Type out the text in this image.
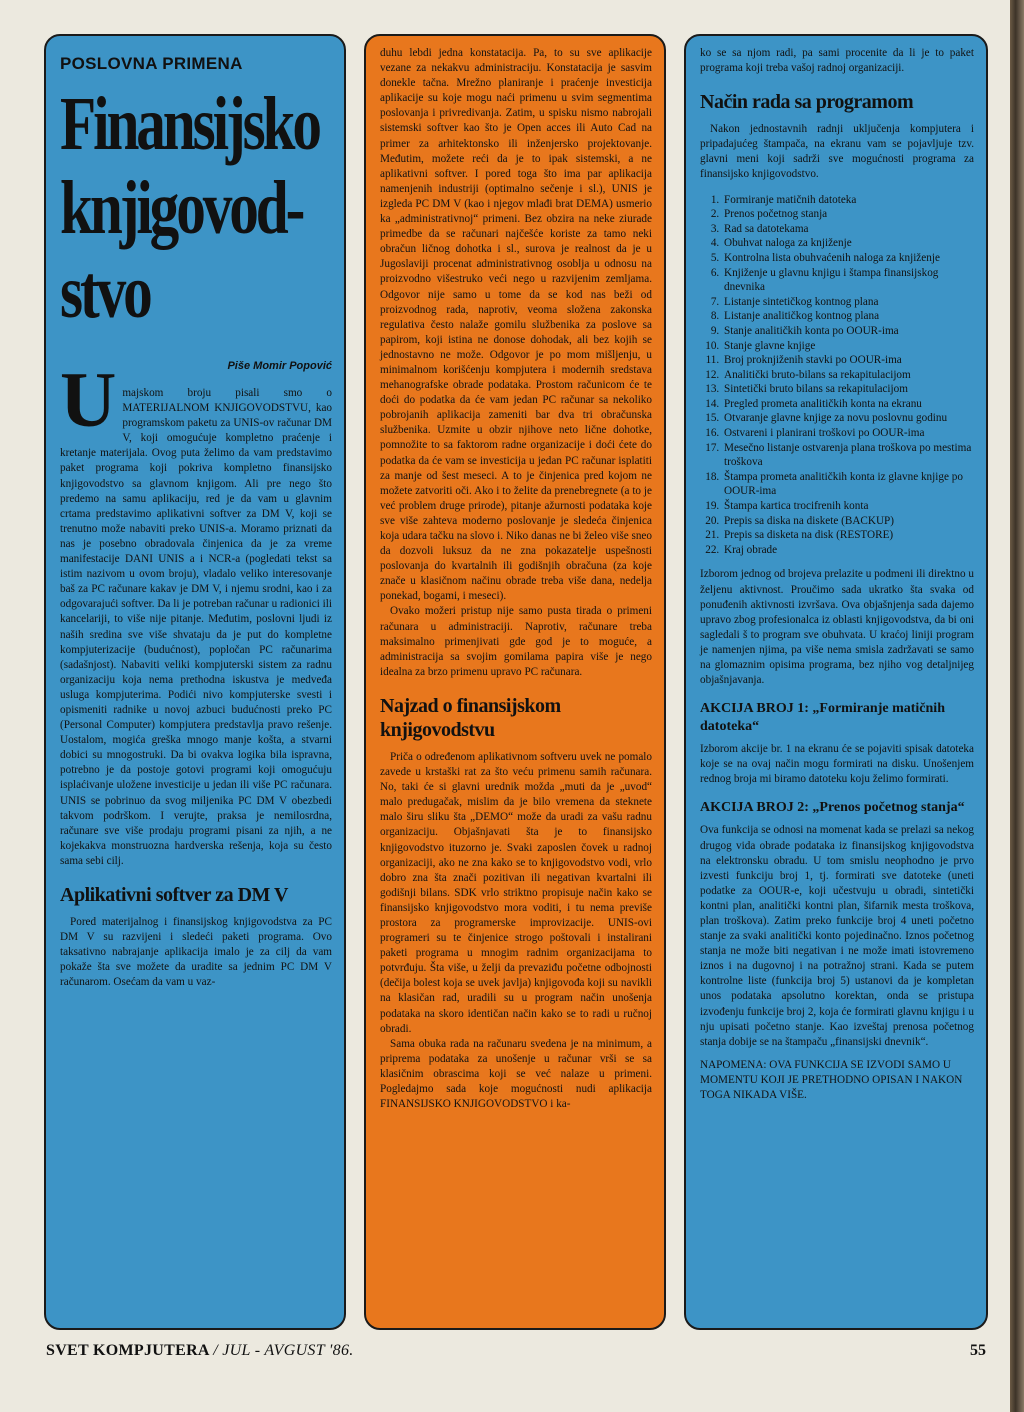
POSLOVNA PRIMENA
Finansijsko
knjigovod-
stvo
Piše Momir Popović
U majskom broju pisali smo o MATERIJALNOM KNJIGOVODSTVU, kao programskom paketu za UNIS-ov računar DM V, koji omogućuje kompletno praćenje i kretanje materijala. Ovog puta želimo da vam predstavimo paket programa koji pokriva kompletno finansijsko knjigovodstvo sa glavnom knjigom. Ali pre nego što predemo na samu aplikaciju, red je da vam u glavnim crtama predstavimo aplikativni softver za DM V, koji se trenutno može nabaviti preko UNIS-a. Moramo priznati da nas je posebno obradovala činjenica da je za vreme manifestacije DANI UNIS a i NCR-a (pogledati tekst sa istim nazivom u ovom broju), vladalo veliko interesovanje baš za PC računare kakav je DM V, i njemu srodni, kao i za odgovarajući softver. Da li je potreban računar u radionici ili kancelariji, to više nije pitanje. Međutim, poslovni ljudi iz naših sredina sve više shvataju da je put do kompletne kompjuterizacije (budućnost), popločan PC računarima (sadašnjost). Nabaviti veliki kompjuterski sistem za radnu organizaciju koja nema prethodna iskustva je medveđa usluga kompjuterima. Podići nivo kompjuterske svesti i opismeniti radnike u novoj azbuci budućnosti preko PC (Personal Computer) kompjutera predstavlja pravo rešenje. Uostalom, mogića greška mnogo manje košta, a stvarni dobici su mnogostruki. Da bi ovakva logika bila ispravna, potrebno je da postoje gotovi programi koji omogućuju isplaćivanje uložene investicije u jedan ili više PC računara. UNIS se pobrinuo da svog miljenika PC DM V obezbedi takvom podrškom. I verujte, praksa je nemilosrdna, računare sve više prodaju programi pisani za njih, a ne kojekakva monstruozna hardverska rešenja, koja su često sama sebi cilj.
Aplikativni softver za DM V

Pored materijalnog i finansijskog knjigovodstva za PC DM V su razvijeni i sledeći paketi programa. Ovo taksativno nabrajanje aplikacija imalo je za cilj da vam pokaže šta sve možete da uradite sa jednim PC DM V računarom. Osećam da vam u vaz-

duhu lebdi jedna konstatacija. Pa, to su sve aplikacije vezane za nekakvu administraciju. Konstatacija je sasvim donekle tačna. Mrežno planiranje i praćenje investicija aplikacije su koje mogu naći primenu u svim segmentima poslovanja i privredivanja. Zatim, u spisku nismo nabrojali sistemski softver kao što je Open acces ili Auto Cad na primer za arhitektonsko ili inženjersko projektovanje. Međutim, možete reći da je to ipak sistemski, a ne aplikativni softver. I pored toga što ima par aplikacija namenjenih industriji (optimalno sečenje i sl.), UNIS je izgleda PC DM V (kao i njegov mlađi brat DEMA) usmerio ka „administrativnoj“ primeni. Bez obzira na neke ziurade primedbe da se računari najčešće koriste za tamo neki obračun ličnog dohotka i sl., surova je realnost da je u Jugoslaviji procenat administrativnog osoblja u odnosu na proizvodno višestruko veći nego u razvijenim zemljama. Odgovor nije samo u tome da se kod nas beži od proizvodnog rada, naprotiv, veoma složena zakonska regulativa često nalaže gomilu službenika za poslove sa papirom, koji istina ne donose dohodak, ali bez kojih se jednostavno ne može. Odgovor je po mom mišljenju, u minimalnom korišćenju kompjutera i modernih sredstava mehanografske obrade podataka. Prostom računicom će te doći do podatka da će vam jedan PC računar sa nekoliko pobrojanih aplikacija zameniti bar dva tri obračunska službenika. Uzmite u obzir njihove neto lične dohotke, pomnožite to sa faktorom radne organizacije i doći ćete do podatka da će vam se investicija u jedan PC računar isplatiti za manje od šest meseci. A to je činjenica pred kojom ne možete zatvoriti oči. Ako i to želite da prenebregnete (a to je već problem druge prirode), pitanje ažurnosti podataka koje sve više zahteva moderno poslovanje je sledeća činjenica koja udara tačku na slovo i. Niko danas ne bi želeo više sneo da dozvoli luksuz da ne zna pokazatelje uspešnosti poslovanja do kvartalnih ili godišnjih obračuna (za koje znače u klasičnom načinu obrade treba više dana, nedelja ponekad, bogami, i meseci).

Ovako možeri pristup nije samo pusta tirada o primeni računara u administraciji. Naprotiv, računare treba maksimalno primenjivati gde god je to moguće, a administracija sa svojim gomilama papira više je nego idealna za brzo primenu upravo PC računara.

Najzad o finansijskom knjigovodstvu

Priča o određenom aplikativnom softveru uvek ne pomalo zavede u krstaški rat za što veću primenu samih računara. No, taki će si glavni urednik možda „muti da je „uvod“ malo predugačak, mislim da je bilo vremena da steknete malo širu sliku šta „DEMO“ može da uradi za vašu radnu organizaciju. Objašnjavati šta je to finansijsko knjigovodstvo ituzorno je. Svaki zaposlen čovek u radnoj organizaciji, ako ne zna kako se to knjigovodstvo vodi, vrlo dobro zna šta znači pozitivan ili negativan kvartalni ili godišnji bilans. SDK vrlo striktno propisuje način kako se finansijsko knjigovodstvo mora voditi, i tu nema previše prostora za programerske improvizacije. UNIS-ovi programeri su te činjenice strogo poštovali i instalirani paketi programa u mnogim radnim organizacijama to potvrđuju. Šta više, u želji da prevaziđu početne odbojnosti (dečija bolest koja se uvek javlja) knjigovođa koji su navikli na klasičan rad, uradili su u program način unošenja podataka na skoro identičan način kako se to radi u ručnoj obradi.

Sama obuka rada na računaru svedena je na minimum, a priprema podataka za unošenje u računar vrši se sa klasičnim obrascima koji se već nalaze u primeni. Pogledajmo sada koje mogućnosti nudi aplikacija FINANSIJSKO KNJIGOVODSTVO i ka-

ko se sa njom radi, pa sami procenite da li je to paket programa koji treba vašoj radnoj organizaciji.

Način rada sa programom

Nakon jednostavnih radnji uključenja kompjutera i pripadajućeg štampača, na ekranu vam se pojavljuje tzv. glavni meni koji sadrži sve mogućnosti programa za finansijsko knjigovodstvo.

1. Formiranje matičnih datoteka
2. Prenos početnog stanja
3. Rad sa datotekama
4. Obuhvat naloga za knjiženje
5. Kontrolna lista obuhvaćenih naloga za knjiženje
6. Knjiženje u glavnu knjigu i štampa finansijskog dnevnika
7. Listanje sintetičkog kontnog plana
8. Listanje analitičkog kontnog plana
9. Stanje analitičkih konta po OOUR-ima
10. Stanje glavne knjige
11. Broj proknjiženih stavki po OOUR-ima
12. Analitički bruto-bilans sa rekapitulacijom
13. Sintetički bruto bilans sa rekapitulacijom
14. Pregled prometa analitičkih konta na ekranu
15. Otvaranje glavne knjige za novu poslovnu godinu
16. Ostvareni i planirani troškovi po OOUR-ima
17. Mesečno listanje ostvarenja plana troškova po mestima troškova
18. Štampa prometa analitičkih konta iz glavne knjige po OOUR-ima
19. Štampa kartica trocifrenih konta
20. Prepis sa diska na diskete (BACKUP)
21. Prepis sa disketa na disk (RESTORE)
22. Kraj obrade

Izborom jednog od brojeva prelazite u podmeni ili direktno u željenu aktivnost. Proučimo sada ukratko šta svaka od ponuđenih aktivnosti izvršava. Ova objašnjenja sada dajemo upravo zbog profesionalca iz oblasti knjigovodstva, da bi oni sagledali š to program sve obuhvata. U kraćoj liniji program je namenjen njima, pa više nema smisla zadržavati se samo na glomaznim opisima programa, bez njiho vog detaljnijeg objašnjavanja.

AKCIJA BROJ 1: „Formiranje matičnih datoteka“

Izborom akcije br. 1 na ekranu će se pojaviti spisak datoteka koje se na ovaj način mogu formirati na disku. Unošenjem rednog broja mi biramo datoteku koju želimo formirati.

AKCIJA BROJ 2: „Prenos početnog stanja“

Ova funkcija se odnosi na momenat kada se prelazi sa nekog drugog vida obrade podataka iz finansijskog knjigovodstva na elektronsku obradu. U tom smislu neophodno je prvo izvesti funkciju broj 1, tj. formirati sve datoteke (uneti podatke za OOUR-e, koji učestvuju u obradi, sintetički kontni plan, analitički kontni plan, šifarnik mesta troškova, plan troškova). Zatim preko funkcije broj 4 uneti početno stanje za svaki analitički konto pojedinačno. Iznos početnog stanja ne može biti negativan i ne može imati istovremeno iznos i na dugovnoj i na potražnoj strani. Kada se putem kontrolne liste (funkcija broj 5) ustanovi da je kompletan unos podataka apsolutno korektan, onda se pristupa izvođenju funkcije broj 2, koja će formirati glavnu knjigu i u nju upisati početno stanje. Kao izveštaj prenosa početnog stanja dobije se na štampaču „finansijski dnevnik“.

NAPOMENA: OVA FUNKCIJA SE IZVODI SAMO U MOMENTU KOJI JE PRETHODNO OPISAN I NAKON TOGA NIKADA VIŠE.
SVET KOMPJUTERA / JUL - AVGUST '86.	55
